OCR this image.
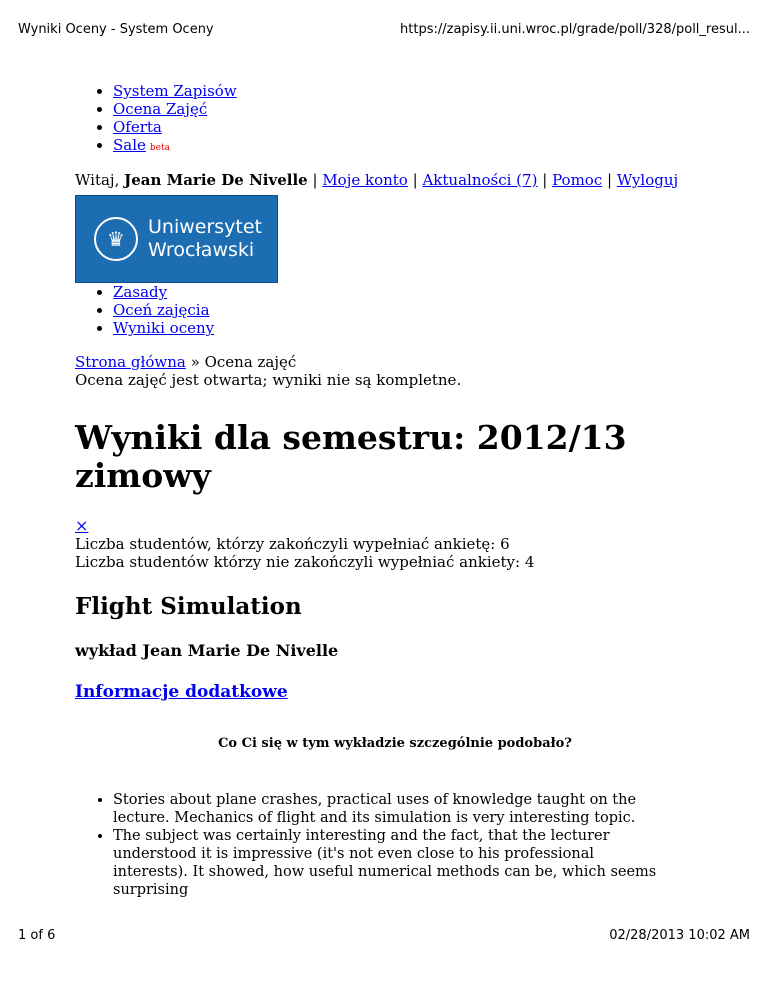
Wyniki Oceny - System Oceny	https://zapisy.ii.uni.wroc.pl/grade/poll/328/poll_resul...
• System Zapisów
• Ocena Zajęć
• Oferta
• Sale beta
Witaj, Jean Marie De Nivelle | Moje konto | Aktualności (7) | Pomoc | Wyloguj
♛	Uniwersytet
Wrocławski
• Zasady
• Oceń zajęcia
• Wyniki oceny
Strona główna » Ocena zajęć
Ocena zajęć jest otwarta; wyniki nie są kompletne.
Wyniki dla semestru: 2012/13 zimowy
×
Liczba studentów, którzy zakończyli wypełniać ankietę: 6
Liczba studentów którzy nie zakończyli wypełniać ankiety: 4
Flight Simulation
wykład Jean Marie De Nivelle
Informacje dodatkowe
Co Ci się w tym wykładzie szczególnie podobało?
• Stories about plane crashes, practical uses of knowledge taught on the lecture. Mechanics of flight and its simulation is very interesting topic.
• The subject was certainly interesting and the fact, that the lecturer understood it is impressive (it's not even close to his professional interests). It showed, how useful numerical methods can be, which seems surprising
1 of 6	02/28/2013 10:02 AM
